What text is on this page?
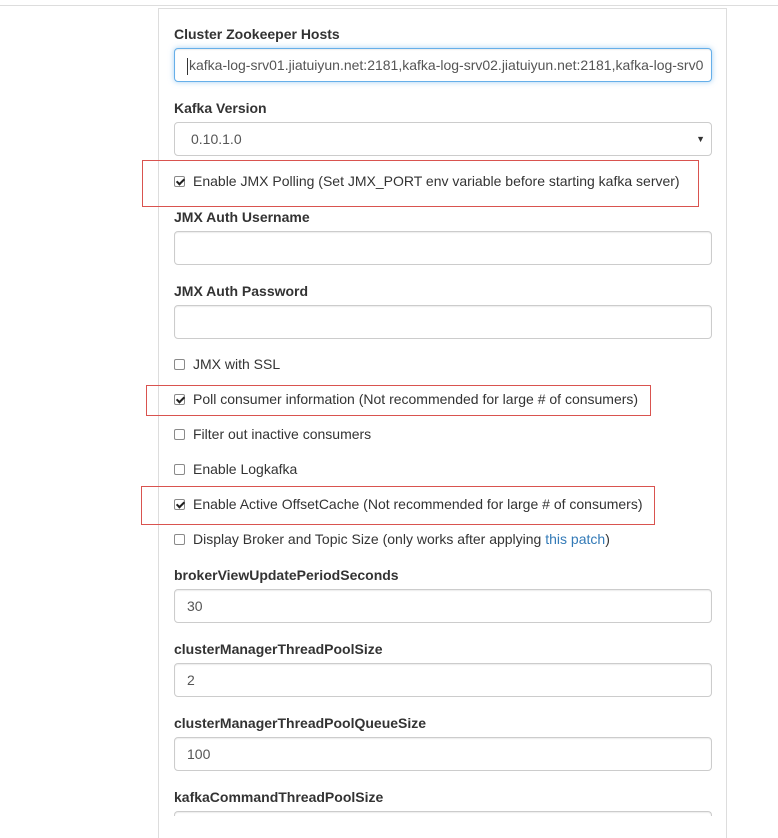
Cluster Zookeeper Hosts
kafka-log-srv01.jiatuiyun.net:2181,kafka-log-srv02.jiatuiyun.net:2181,kafka-log-srv0
Kafka Version
0.10.1.0	▼
Enable JMX Polling (Set JMX_PORT env variable before starting kafka server)
JMX Auth Username
JMX Auth Password
JMX with SSL
Poll consumer information (Not recommended for large # of consumers)
Filter out inactive consumers
Enable Logkafka
Enable Active OffsetCache (Not recommended for large # of consumers)
Display Broker and Topic Size (only works after applying this patch)
brokerViewUpdatePeriodSeconds
30
clusterManagerThreadPoolSize
2
clusterManagerThreadPoolQueueSize
100
kafkaCommandThreadPoolSize
